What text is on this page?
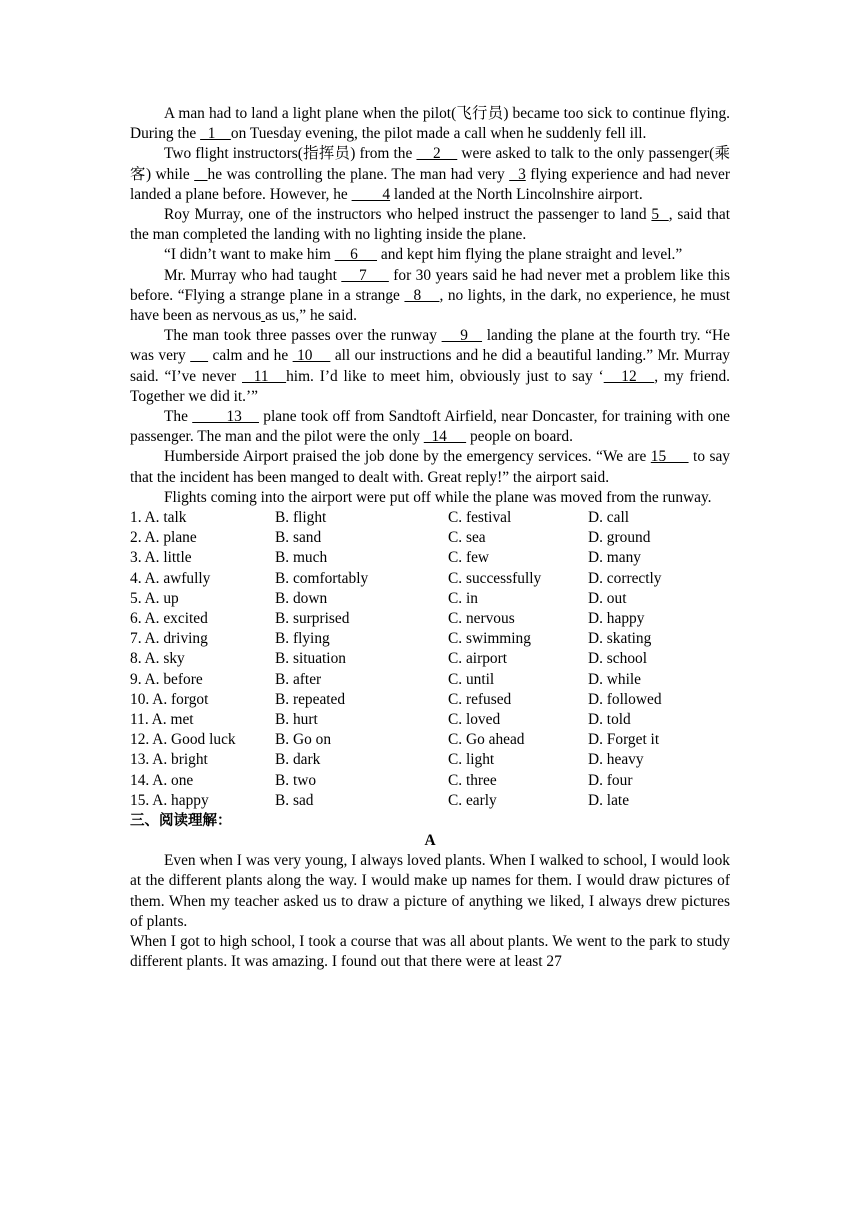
A man had to land a light plane when the pilot(飞行员) became too sick to continue flying. During the   1    on Tuesday evening, the pilot made a call when he suddenly fell ill.

Two flight instructors(指挥员) from the     2     were asked to talk to the only passenger(乘客) while    he was controlling the plane. The man had very   3 flying experience and had never landed a plane before. However, he         4 landed at the North Lincolnshire airport.

Roy Murray, one of the instructors who helped instruct the passenger to land 5  , said that the man completed the landing with no lighting inside the plane.

“I didn’t want to make him     6      and kept him flying the plane straight and level.”

Mr. Murray who had taught     7      for 30 years said he had never met a problem like this before. “Flying a strange plane in a strange   8    , no lights, in the dark, no experience, he must have been as nervous as us,” he said.

The man took three passes over the runway     9    landing the plane at the fourth try. “He was very      calm and he  10     all our instructions and he did a beautiful landing.” Mr. Murray said. “I’ve never   11   him. I’d like to meet him, obviously just to say ‘   12   , my friend. Together we did it.’”

The         13     plane took off from Sandtoft Airfield, near Doncaster, for training with one passenger. The man and the pilot were the only   14      people on board.

Humberside Airport praised the job done by the emergency services. “We are 15      to say that the incident has been manged to dealt with. Great reply!” the airport said.

Flights coming into the airport were put off while the plane was moved from the runway.

1. A. talk	B. flight	C. festival	D. call
2. A. plane	B. sand	C. sea	D. ground
3. A. little	B. much	C. few	D. many
4. A. awfully	B. comfortably	C. successfully	D. correctly
5. A. up	B. down	C. in	D. out
6. A. excited	B. surprised	C. nervous	D. happy
7. A. driving	B. flying	C. swimming	D. skating
8. A. sky	B. situation	C. airport	D. school
9. A. before	B. after	C. until	D. while
10. A. forgot	B. repeated	C. refused	D. followed
11. A. met	B. hurt	C. loved	D. told
12. A. Good luck	B. Go on	C. Go ahead	D. Forget it
13. A. bright	B. dark	C. light	D. heavy
14. A. one	B. two	C. three	D. four
15. A. happy	B. sad	C. early	D. late

三、阅读理解：

A

Even when I was very young, I always loved plants. When I walked to school, I would look at the different plants along the way. I would make up names for them. I would draw pictures of them. When my teacher asked us to draw a picture of anything we liked, I always drew pictures of plants.

When I got to high school, I took a course that was all about plants. We went to the park to study different plants. It was amazing. I found out that there were at least 27
